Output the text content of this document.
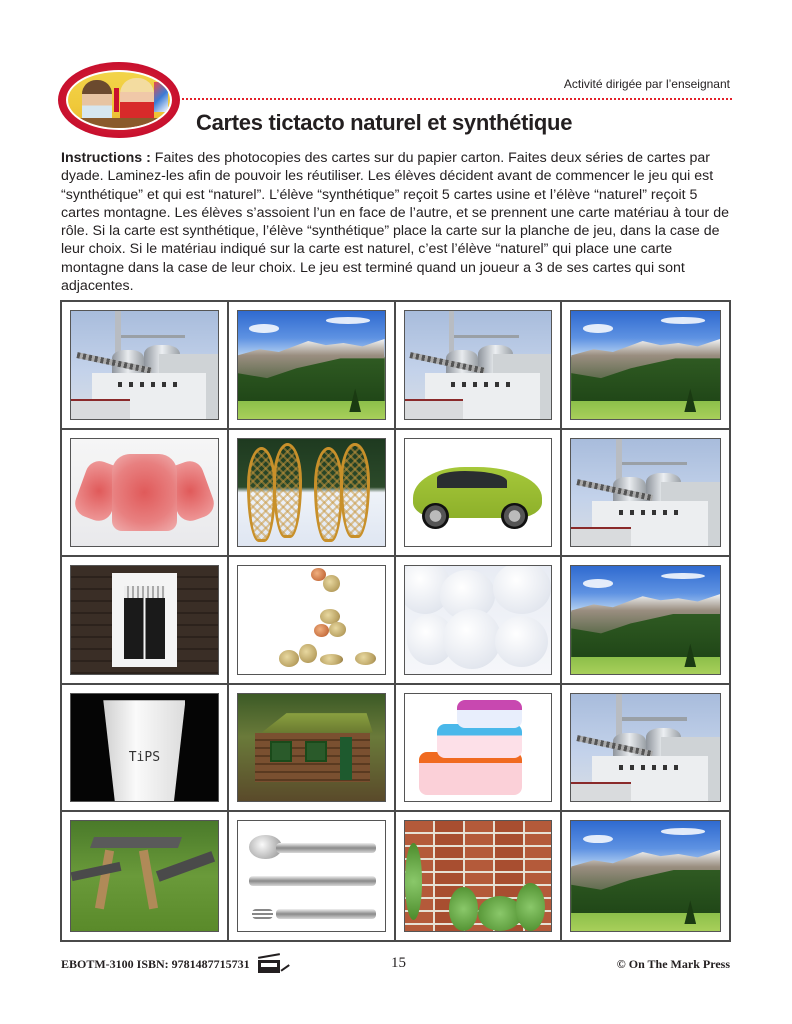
Activité dirigée par l’enseignant
Cartes tictacto naturel et synthétique

Instructions : Faites des photocopies des cartes sur du papier carton. Faites deux séries de cartes par dyade. Laminez-les afin de pouvoir les réutiliser. Les élèves décident avant de commencer le jeu qui est “synthétique” et qui est “naturel”. L’élève “synthétique” reçoit 5 cartes usine et l’élève “naturel” reçoit 5 cartes montagne. Les élèves s’assoient l’un en face de l’autre, et se prennent une carte matériau à tour de rôle. Si la carte est synthétique, l’élève “synthétique” place la carte sur la planche de jeu, dans la case de leur choix. Si le matériau indiqué sur la carte est naturel, c’est l’élève “naturel” qui place une carte montagne dans la case de leur choix. Le jeu est terminé quand un joueur a 3 de ses cartes qui sont adjacentes.

TiPS
EBOTM-3100 ISBN: 9781487715731	15	© On The Mark Press
